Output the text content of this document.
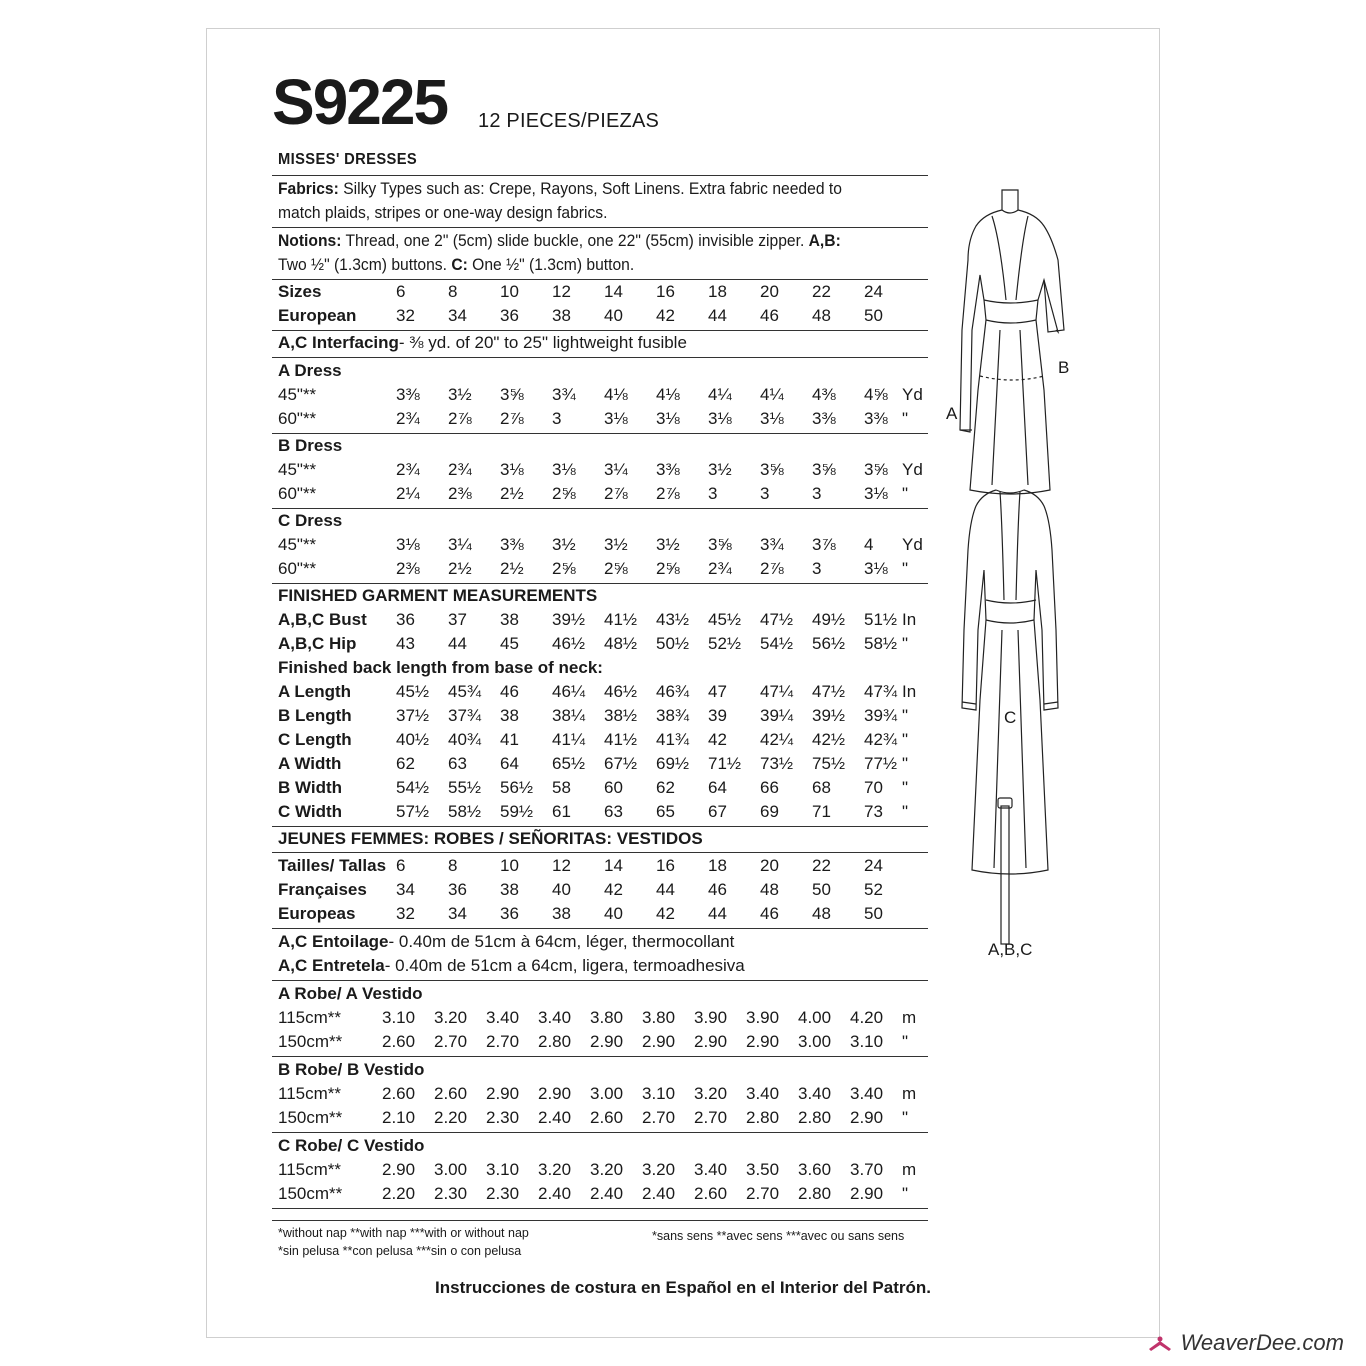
S9225 12 PIECES/PIEZAS
MISSES' DRESSES
Fabrics: Silky Types such as: Crepe, Rayons, Soft Linens. Extra fabric needed to match plaids, stripes or one-way design fabrics.
Notions: Thread, one 2" (5cm) slide buckle, one 22" (55cm) invisible zipper. A,B: Two ½" (1.3cm) buttons. C: One ½" (1.3cm) button.
Sizes	6	8	10 12 14 16 18 20 22 24
European 32 34 36 38 40 42 44 46 48 50
A,C Interfacing- ⅜ yd. of 20" to 25" lightweight fusible
A Dress
45"**	3⅜ 3½ 3⅝ 3¾ 4⅛ 4⅛ 4¼ 4¼ 4⅜ 4⅝ Yd
60"**	2¾ 2⅞ 2⅞ 3	3⅛ 3⅛ 3⅛ 3⅛ 3⅜ 3⅜ "
B Dress
45"**	2¾ 2¾ 3⅛ 3⅛ 3¼ 3⅜ 3½ 3⅝ 3⅝ 3⅝ Yd
60"**	2¼ 2⅜ 2½ 2⅝ 2⅞ 2⅞ 3	3	3	3⅛ "
C Dress
45"**	3⅛ 3¼ 3⅜ 3½ 3½ 3½ 3⅝ 3¾ 3⅞ 4 Yd
60"**	2⅜ 2½ 2½ 2⅝ 2⅝ 2⅝ 2¾ 2⅞ 3	3⅛ "
FINISHED GARMENT MEASUREMENTS
A,B,C Bust 36 37 38 39½ 41½ 43½ 45½ 47½ 49½ 51½ In
A,B,C Hip 43 44 45 46½ 48½ 50½ 52½ 54½ 56½ 58½ "
Finished back length from base of neck:
A Length	45½ 45¾ 46 46¼ 46½ 46¾ 47 47¼ 47½ 47¾ In
B Length	37½ 37¾ 38 38¼ 38½ 38¾ 39 39¼ 39½ 39¾ "
C Length	40½ 40¾ 41 41¼ 41½ 41¾ 42 42¼ 42½ 42¾ "
A Width	62 63 64 65½ 67½ 69½ 71½ 73½ 75½ 77½ "
B Width	54½ 55½ 56½ 58 60 62 64 66 68 70 "
C Width	57½ 58½ 59½ 61 63 65 67 69 71 73 "
JEUNES FEMMES: ROBES / SEÑORITAS: VESTIDOS
Tailles/ Tallas 6	8	10 12 14 16 18 20 22 24
Françaises 34 36 38 40 42 44 46 48 50 52
Europeas 32 34 36 38 40 42 44 46 48 50
A,C Entoilage- 0.40m de 51cm à 64cm, léger, thermocollant
A,C Entretela- 0.40m de 51cm a 64cm, ligera, termoadhesiva
A Robe/ A Vestido
115cm** 3.10 3.20 3.40 3.40 3.80 3.80 3.90 3.90 4.00 4.20 m
150cm** 2.60 2.70 2.70 2.80 2.90 2.90 2.90 2.90 3.00 3.10 "
B Robe/ B Vestido
115cm** 2.60 2.60 2.90 2.90 3.00 3.10 3.20 3.40 3.40 3.40 m
150cm** 2.10 2.20 2.30 2.40 2.60 2.70 2.70 2.80 2.80 2.90 "
C Robe/ C Vestido
115cm** 2.90 3.00 3.10 3.20 3.20 3.20 3.40 3.50 3.60 3.70 m
150cm** 2.20 2.30 2.30 2.40 2.40 2.40 2.60 2.70 2.80 2.90 "
*without nap **with nap ***with or without nap
*sin pelusa **con pelusa ***sin o con pelusa
*sans sens **avec sens ***avec ou sans sens
Instrucciones de costura en Español en el Interior del Patrón.
A
B
C
A,B,C
WeaverDee.com
